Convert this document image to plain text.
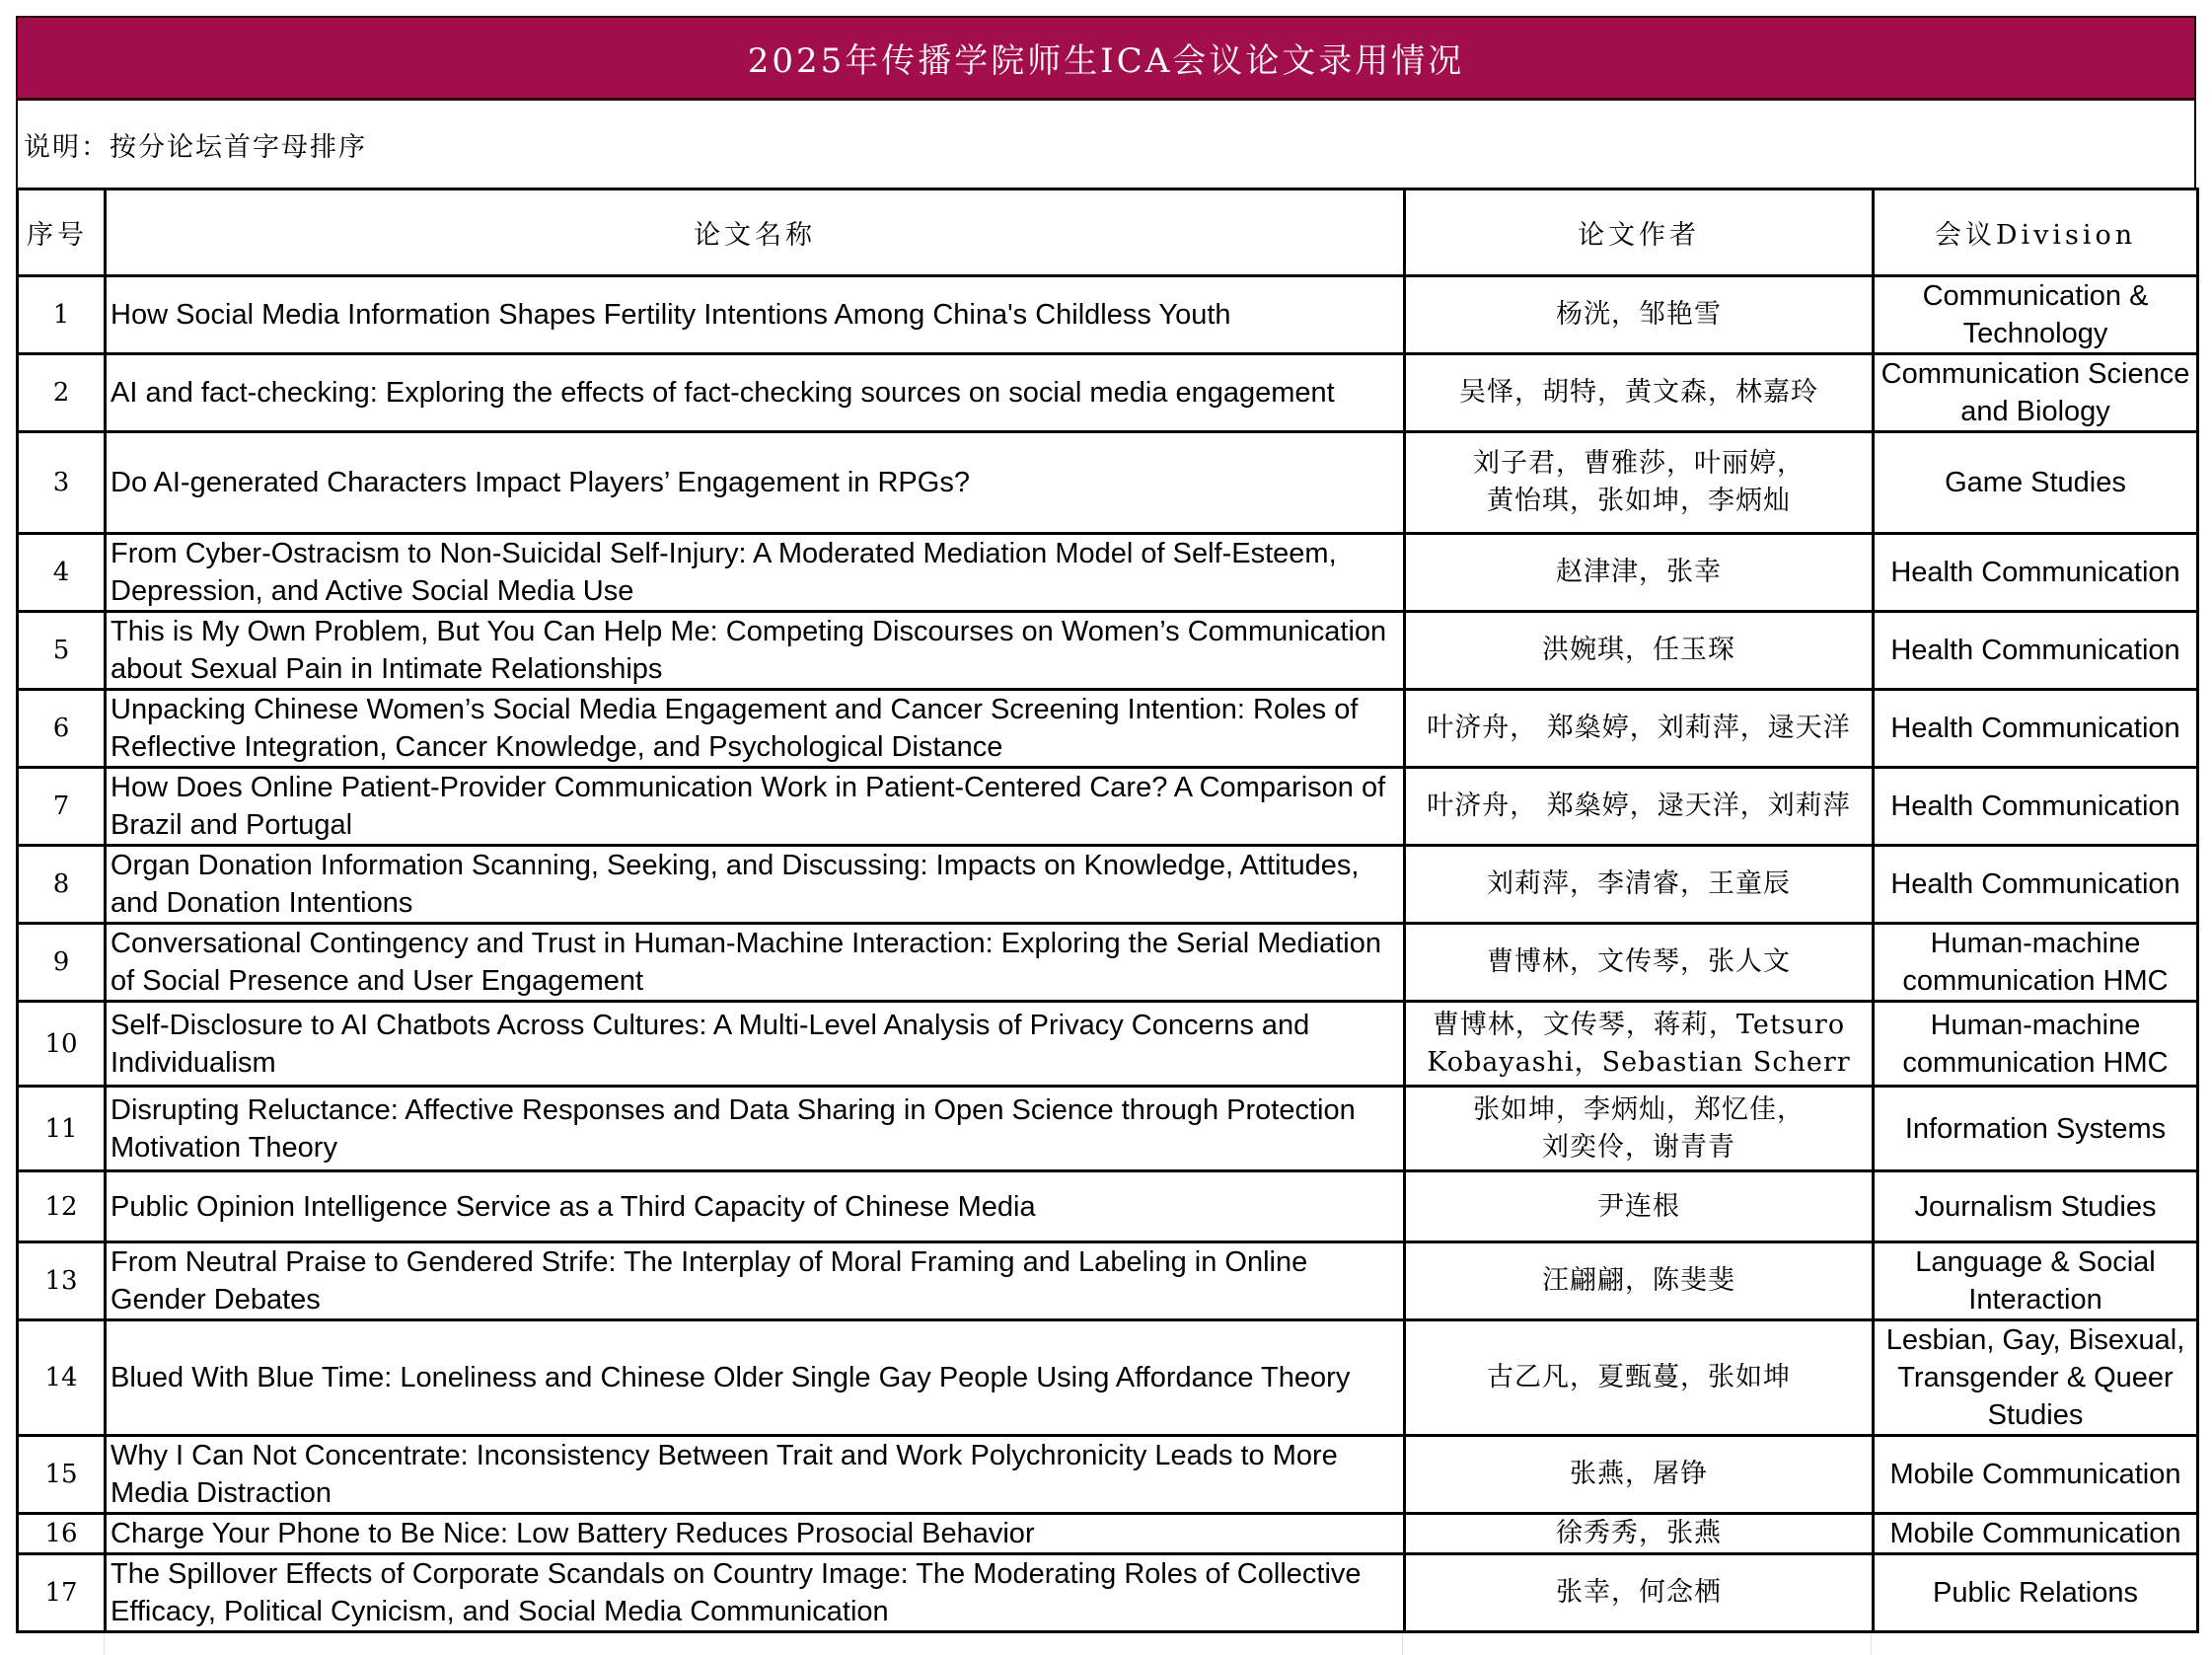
2025年传播学院师生ICA会议论文录用情况
说明：按分论坛首字母排序
序号	论文名称	论文作者	会议Division
1	How Social Media Information Shapes Fertility Intentions Among China's Childless Youth	杨洸，邹艳雪	Communication & Technology
2	AI and fact-checking: Exploring the effects of fact-checking sources on social media engagement	吴怿，胡特，黄文森，林嘉玲	Communication Science and Biology
3	Do AI-generated Characters Impact Players’ Engagement in RPGs?	刘子君，曹雅莎，叶丽婷，
黄怡琪，张如坤，李炳灿	Game Studies
4	From Cyber-Ostracism to Non-Suicidal Self-Injury: A Moderated Mediation Model of Self-Esteem, Depression, and Active Social Media Use	赵津津，张幸	Health Communication
5	This is My Own Problem, But You Can Help Me: Competing Discourses on Women’s Communication about Sexual Pain in Intimate Relationships	洪婉琪，任玉琛	Health Communication
6	Unpacking Chinese Women’s Social Media Engagement and Cancer Screening Intention: Roles of Reflective Integration, Cancer Knowledge, and Psychological Distance	叶济舟， 郑燊婷，刘莉萍，逯天洋	Health Communication
7	How Does Online Patient-Provider Communication Work in Patient-Centered Care? A Comparison of Brazil and Portugal	叶济舟， 郑燊婷，逯天洋，刘莉萍	Health Communication
8	Organ Donation Information Scanning, Seeking, and Discussing: Impacts on Knowledge, Attitudes, and Donation Intentions	刘莉萍，李清睿，王童辰	Health Communication
9	Conversational Contingency and Trust in Human-Machine Interaction: Exploring the Serial Mediation of Social Presence and User Engagement	曹博林，文传琴，张人文	Human-machine communication HMC
10	Self-Disclosure to AI Chatbots Across Cultures: A Multi-Level Analysis of Privacy Concerns and Individualism	曹博林，文传琴，蒋莉，Tetsuro
Kobayashi，Sebastian Scherr	Human-machine communication HMC
11	Disrupting Reluctance: Affective Responses and Data Sharing in Open Science through Protection Motivation Theory	张如坤，李炳灿，郑忆佳，
刘奕伶，谢青青	Information Systems
12	Public Opinion Intelligence Service as a Third Capacity of Chinese Media	尹连根	Journalism Studies
13	From Neutral Praise to Gendered Strife: The Interplay of Moral Framing and Labeling in Online Gender Debates	汪翩翩，陈斐斐	Language & Social Interaction
14	Blued With Blue Time: Loneliness and Chinese Older Single Gay People Using Affordance Theory	古乙凡，夏甄蔓，张如坤	Lesbian, Gay, Bisexual, Transgender & Queer Studies
15	Why I Can Not Concentrate: Inconsistency Between Trait and Work Polychronicity Leads to More Media Distraction	张燕，屠铮	Mobile Communication
16	Charge Your Phone to Be Nice: Low Battery Reduces Prosocial Behavior	徐秀秀，张燕	Mobile Communication
17	The Spillover Effects of Corporate Scandals on Country Image: The Moderating Roles of Collective Efficacy, Political Cynicism, and Social Media Communication	张幸，何念栖	Public Relations
